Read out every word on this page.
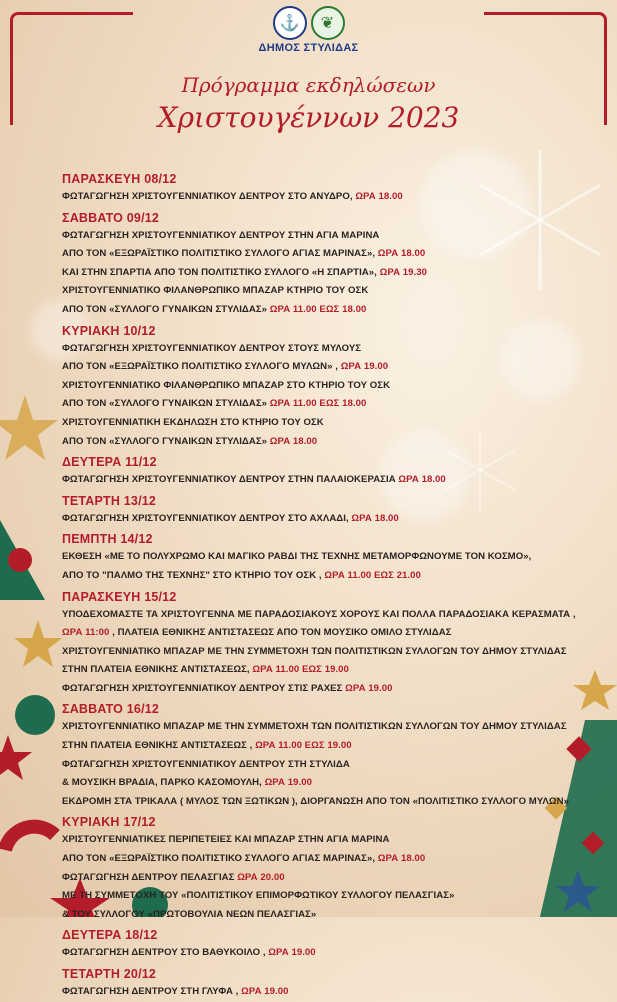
⚓	❦
ΔΗΜΟΣ ΣΤΥΛΙΔΑΣ
Πρόγραμμα εκδηλώσεων
Χριστουγέννων 2023
ΠΑΡΑΣΚΕΥΗ 08/12
ΦΩΤΑΓΩΓΗΣΗ ΧΡΙΣΤΟΥΓΕΝΝΙΑΤΙΚΟΥ ΔΕΝΤΡΟΥ ΣΤΟ ΑΝΥΔΡΟ, ΩΡΑ 18.00
ΣΑΒΒΑΤΟ 09/12
ΦΩΤΑΓΩΓΗΣΗ ΧΡΙΣΤΟΥΓΕΝΝΙΑΤΙΚΟΥ ΔΕΝΤΡΟΥ ΣΤΗΝ ΑΓΙΑ ΜΑΡΙΝΑ
ΑΠΟ ΤΟΝ «ΕΞΩΡΑΪΣΤΙΚΟ ΠΟΛΙΤΙΣΤΙΚΟ ΣΥΛΛΟΓΟ ΑΓΙΑΣ ΜΑΡΙΝΑΣ», ΩΡΑ 18.00
ΚΑΙ ΣΤΗΝ ΣΠΑΡΤΙΑ ΑΠΟ ΤΟΝ ΠΟΛΙΤΙΣΤΙΚΟ ΣΥΛΛΟΓΟ «Η ΣΠΑΡΤΙΑ», ΩΡΑ 19.30
ΧΡΙΣΤΟΥΓΕΝΝΙΑΤΙΚΟ ΦΙΛΑΝΘΡΩΠΙΚΟ ΜΠΑΖΑΡ ΚΤΗΡΙΟ ΤΟΥ ΟΣΚ
ΑΠΟ ΤΟΝ «ΣΥΛΛΟΓΟ ΓΥΝΑΙΚΩΝ ΣΤΥΛΙΔΑΣ» ΩΡΑ 11.00 ΕΩΣ 18.00
ΚΥΡΙΑΚΗ 10/12
ΦΩΤΑΓΩΓΗΣΗ ΧΡΙΣΤΟΥΓΕΝΝΙΑΤΙΚΟΥ ΔΕΝΤΡΟΥ ΣΤΟΥΣ ΜΥΛΟΥΣ
ΑΠΟ ΤΟΝ «ΕΞΩΡΑΪΣΤΙΚΟ ΠΟΛΙΤΙΣΤΙΚΟ ΣΥΛΛΟΓΟ ΜΥΛΩΝ» , ΩΡΑ 19.00
ΧΡΙΣΤΟΥΓΕΝΝΙΑΤΙΚΟ ΦΙΛΑΝΘΡΩΠΙΚΟ ΜΠΑΖΑΡ ΣΤΟ ΚΤΗΡΙΟ ΤΟΥ ΟΣΚ
ΑΠΟ ΤΟΝ «ΣΥΛΛΟΓΟ ΓΥΝΑΙΚΩΝ ΣΤΥΛΙΔΑΣ» ΩΡΑ 11.00 ΕΩΣ 18.00
ΧΡΙΣΤΟΥΓΕΝΝΙΑΤΙΚΗ ΕΚΔΗΛΩΣΗ ΣΤΟ ΚΤΗΡΙΟ ΤΟΥ ΟΣΚ
ΑΠΟ ΤΟΝ «ΣΥΛΛΟΓΟ ΓΥΝΑΙΚΩΝ ΣΤΥΛΙΔΑΣ» ΩΡΑ 18.00
ΔΕΥΤΕΡΑ 11/12
ΦΩΤΑΓΩΓΗΣΗ ΧΡΙΣΤΟΥΓΕΝΝΙΑΤΙΚΟΥ ΔΕΝΤΡΟΥ ΣΤΗΝ ΠΑΛΑΙΟΚΕΡΑΣΙΑ ΩΡΑ 18.00
ΤΕΤΑΡΤΗ 13/12
ΦΩΤΑΓΩΓΗΣΗ ΧΡΙΣΤΟΥΓΕΝΝΙΑΤΙΚΟΥ ΔΕΝΤΡΟΥ ΣΤΟ ΑΧΛΑΔΙ, ΩΡΑ 18.00
ΠΕΜΠΤΗ 14/12
ΕΚΘΕΣΗ «ΜΕ ΤΟ ΠΟΛΥΧΡΩΜΟ ΚΑΙ ΜΑΓΙΚΟ ΡΑΒΔΙ ΤΗΣ ΤΕΧΝΗΣ ΜΕΤΑΜΟΡΦΩΝΟΥΜΕ ΤΟΝ ΚΟΣΜΟ»,
ΑΠΟ ΤΟ "ΠΑΛΜΟ ΤΗΣ ΤΕΧΝΗΣ" ΣΤΟ ΚΤΗΡΙΟ ΤΟΥ ΟΣΚ , ΩΡΑ 11.00 ΕΩΣ 21.00
ΠΑΡΑΣΚΕΥΗ 15/12
ΥΠΟΔΕΧΟΜΑΣΤΕ ΤΑ ΧΡΙΣΤΟΥΓΕΝΝΑ ΜΕ ΠΑΡΑΔΟΣΙΑΚΟΥΣ ΧΟΡΟΥΣ ΚΑΙ ΠΟΛΛΑ ΠΑΡΑΔΟΣΙΑΚΑ ΚΕΡΑΣΜΑΤΑ ,
ΩΡΑ 11:00 , ΠΛΑΤΕΙΑ ΕΘΝΙΚΗΣ ΑΝΤΙΣΤΑΣΕΩΣ ΑΠΟ ΤΟΝ ΜΟΥΣΙΚΟ ΟΜΙΛΟ ΣΤΥΛΙΔΑΣ
ΧΡΙΣΤΟΥΓΕΝΝΙΑΤΙΚΟ ΜΠΑΖΑΡ ΜΕ ΤΗΝ ΣΥΜΜΕΤΟΧΗ ΤΩΝ ΠΟΛΙΤΙΣΤΙΚΩΝ ΣΥΛΛΟΓΩΝ ΤΟΥ ΔΗΜΟΥ ΣΤΥΛΙΔΑΣ
ΣΤΗΝ ΠΛΑΤΕΙΑ ΕΘΝΙΚΗΣ ΑΝΤΙΣΤΑΣΕΩΣ, ΩΡΑ 11.00 ΕΩΣ 19.00
ΦΩΤΑΓΩΓΗΣΗ ΧΡΙΣΤΟΥΓΕΝΝΙΑΤΙΚΟΥ ΔΕΝΤΡΟΥ ΣΤΙΣ ΡΑΧΕΣ ΩΡΑ 19.00
ΣΑΒΒΑΤΟ 16/12
ΧΡΙΣΤΟΥΓΕΝΝΙΑΤΙΚΟ ΜΠΑΖΑΡ ΜΕ ΤΗΝ ΣΥΜΜΕΤΟΧΗ ΤΩΝ ΠΟΛΙΤΙΣΤΙΚΩΝ ΣΥΛΛΟΓΩΝ ΤΟΥ ΔΗΜΟΥ ΣΤΥΛΙΔΑΣ
ΣΤΗΝ ΠΛΑΤΕΙΑ ΕΘΝΙΚΗΣ ΑΝΤΙΣΤΑΣΕΩΣ , ΩΡΑ 11.00 ΕΩΣ 19.00
ΦΩΤΑΓΩΓΗΣΗ ΧΡΙΣΤΟΥΓΕΝΝΙΑΤΙΚΟΥ ΔΕΝΤΡΟΥ ΣΤΗ ΣΤΥΛΙΔΑ
& ΜΟΥΣΙΚΗ ΒΡΑΔΙΑ, ΠΑΡΚΟ ΚΑΣΟΜΟΥΛΗ, ΩΡΑ 19.00
ΕΚΔΡΟΜΗ ΣΤΑ ΤΡΙΚΑΛΑ ( ΜΥΛΟΣ ΤΩΝ ΞΩΤΙΚΩΝ ), ΔΙΟΡΓΑΝΩΣΗ ΑΠΟ ΤΟΝ «ΠΟΛΙΤΙΣΤΙΚΟ ΣΥΛΛΟΓΟ ΜΥΛΩΝ»
ΚΥΡΙΑΚΗ 17/12
ΧΡΙΣΤΟΥΓΕΝΝΙΑΤΙΚΕΣ ΠΕΡΙΠΕΤΕΙΕΣ ΚΑΙ ΜΠΑΖΑΡ ΣΤΗΝ ΑΓΙΑ ΜΑΡΙΝΑ
ΑΠΟ ΤΟΝ «ΕΞΩΡΑΪΣΤΙΚΟ ΠΟΛΙΤΙΣΤΙΚΟ ΣΥΛΛΟΓΟ ΑΓΙΑΣ ΜΑΡΙΝΑΣ», ΩΡΑ 18.00
ΦΩΤΑΓΩΓΗΣΗ ΔΕΝΤΡΟΥ ΠΕΛΑΣΓΙΑΣ ΩΡΑ 20.00
ΜΕ ΤΗ ΣΥΜΜΕΤΟΧΗ ΤΟΥ «ΠΟΛΙΤΙΣΤΙΚΟΥ ΕΠΙΜΟΡΦΩΤΙΚΟΥ ΣΥΛΛΟΓΟΥ ΠΕΛΑΣΓΙΑΣ»
& ΤΟΥ ΣΥΛΛΟΓΟΥ «ΠΡΩΤΟΒΟΥΛΙΑ ΝΕΩΝ ΠΕΛΑΣΓΙΑΣ»
ΔΕΥΤΕΡΑ 18/12
ΦΩΤΑΓΩΓΗΣΗ ΔΕΝΤΡΟΥ ΣΤΟ ΒΑΘΥΚΟΙΛΟ , ΩΡΑ 19.00
ΤΕΤΑΡΤΗ 20/12
ΦΩΤΑΓΩΓΗΣΗ ΔΕΝΤΡΟΥ ΣΤΗ ΓΛΥΦΑ , ΩΡΑ 19.00
